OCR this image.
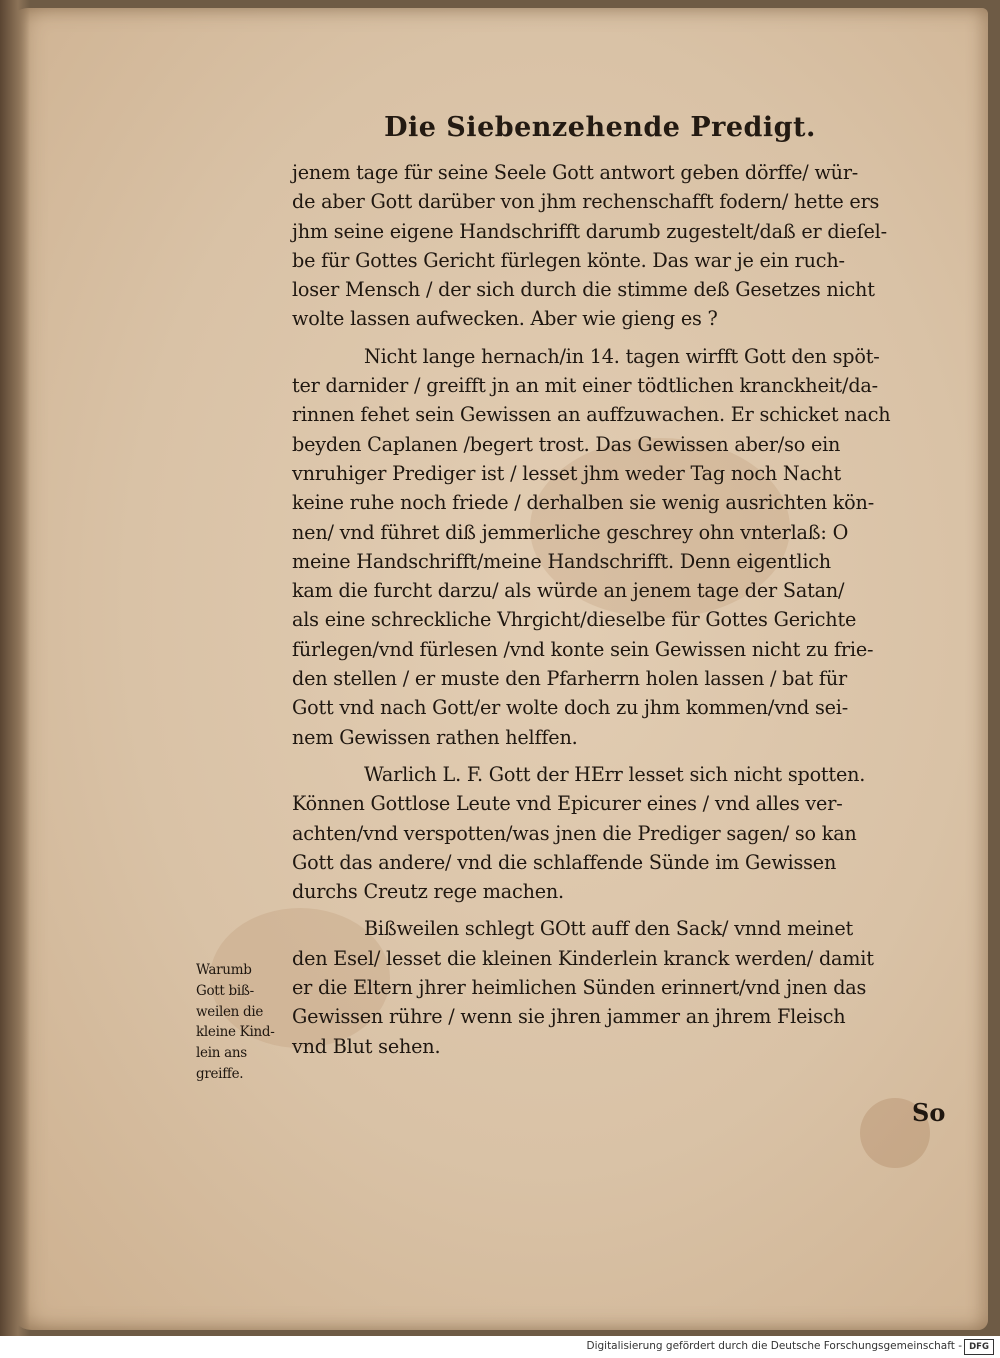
Die Siebenzehende Predigt.
jenem tage für seine Seele Gott antwort geben dörffe/ wür-
de aber Gott darüber von jhm rechenschafft fodern/ hette ers
jhm seine eigene Handschrifft darumb zugestelt/daß er dieſel-
be für Gottes Gericht fürlegen könte. Das war je ein ruch-
loser Mensch / der sich durch die stimme deß Gesetzes nicht
wolte lassen aufwecken. Aber wie gieng es ?
Nicht lange hernach/in 14. tagen wirfft Gott den spöt-
ter darnider / greifft jn an mit einer tödtlichen kranckheit/da-
rinnen fehet sein Gewissen an auffzuwachen. Er schicket nach
beyden Caplanen /begert trost. Das Gewissen aber/so ein
vnruhiger Prediger ist / lesset jhm weder Tag noch Nacht
keine ruhe noch friede / derhalben sie wenig ausrichten kön-
nen/ vnd führet diß jemmerliche geschrey ohn vnterlaß: O
meine Handschrifft/meine Handschrifft. Denn eigentlich
kam die furcht darzu/ als würde an jenem tage der Satan/
als eine schreckliche Vhrgicht/dieselbe für Gottes Gerichte
fürlegen/vnd fürlesen /vnd konte sein Gewissen nicht zu frie-
den stellen / er muste den Pfarherrn holen lassen / bat für
Gott vnd nach Gott/er wolte doch zu jhm kommen/vnd sei-
nem Gewissen rathen helffen.
Warlich L. F. Gott der HErr lesset sich nicht spotten.
Können Gottlose Leute vnd Epicurer eines / vnd alles ver-
achten/vnd verspotten/was jnen die Prediger sagen/ so kan
Gott das andere/ vnd die schlaffende Sünde im Gewissen
durchs Creutz rege machen.
Bißweilen schlegt GOtt auff den Sack/ vnnd meinet
den Esel/ lesset die kleinen Kinderlein kranck werden/ damit
er die Eltern jhrer heimlichen Sünden erinnert/vnd jnen das
Gewissen rühre / wenn sie jhren jammer an jhrem Fleisch
vnd Blut sehen.
Warumb
Gott biß-
weilen die
kleine Kind-
lein ans
greiffe.
So
Digitalisierung gefördert durch die Deutsche Forschungsgemeinschaft - DFG
